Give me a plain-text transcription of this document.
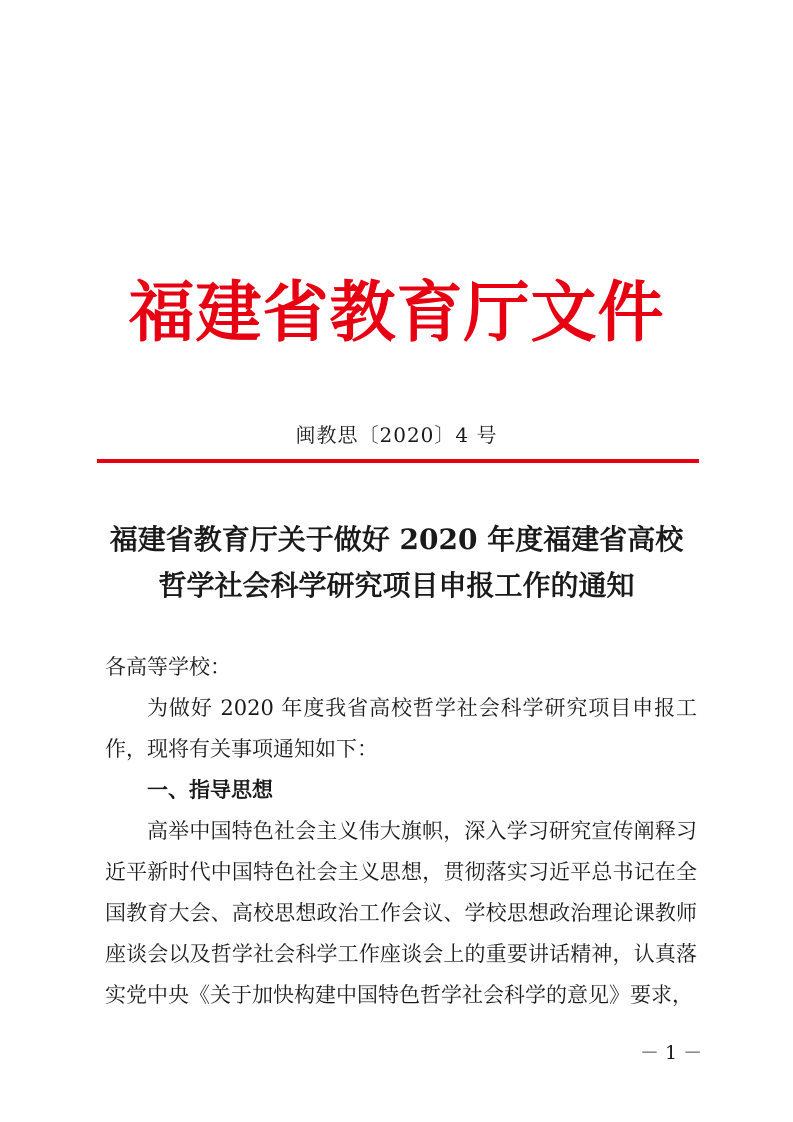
福建省教育厅文件
闽教思〔2020〕4 号
福建省教育厅关于做好 2020 年度福建省高校
哲学社会科学研究项目申报工作的通知

各高等学校：

为做好 2020 年度我省高校哲学社会科学研究项目申报工作，现将有关事项通知如下：

一、指导思想

高举中国特色社会主义伟大旗帜，深入学习研究宣传阐释习近平新时代中国特色社会主义思想，贯彻落实习近平总书记在全国教育大会、高校思想政治工作会议、学校思想政治理论课教师座谈会以及哲学社会科学工作座谈会上的重要讲话精神，认真落实党中央《关于加快构建中国特色哲学社会科学的意见》要求，

－ 1 －
